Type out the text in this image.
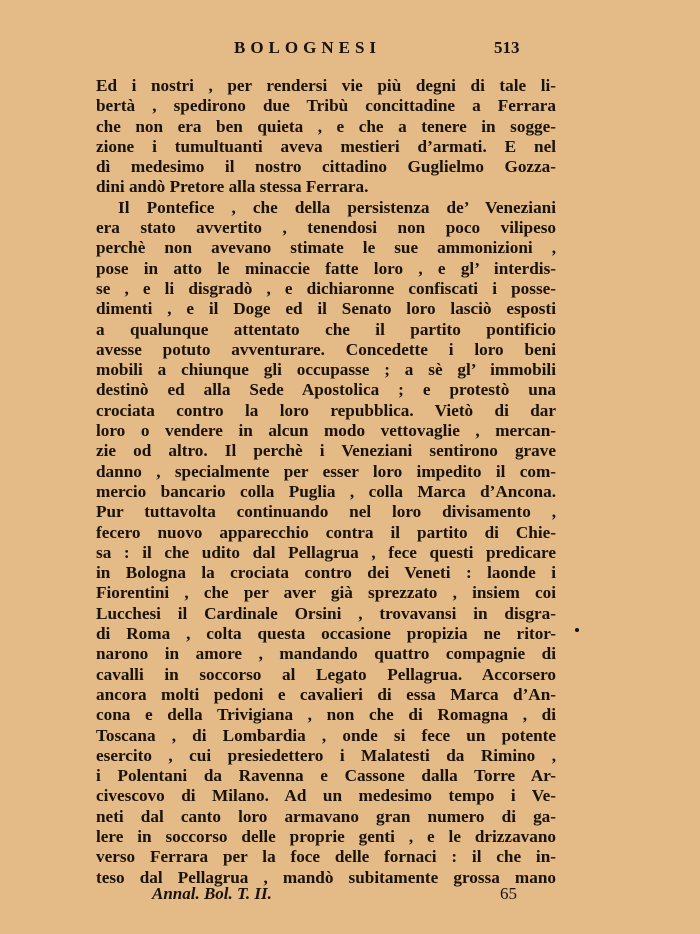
BOLOGNESI	513

Ed i nostri , per rendersi vie più degni di tale li-
bertà , spedirono due Tribù concittadine a Ferrara
che non era ben quieta , e che a tenere in sogge-
zione i tumultuanti aveva mestieri d’armati. E nel
dì medesimo il nostro cittadino Guglielmo Gozza-
dini andò Pretore alla stessa Ferrara.

Il Pontefice , che della persistenza de’ Veneziani
era stato avvertito , tenendosi non poco vilipeso
perchè non avevano stimate le sue ammonizioni ,
pose in atto le minaccie fatte loro , e gl’ interdis-
se , e li disgradò , e dichiaronne confiscati i posse-
dimenti , e il Doge ed il Senato loro lasciò esposti
a qualunque attentato che il partito pontificio
avesse potuto avventurare. Concedette i loro beni
mobili a chiunque gli occupasse ; a sè gl’ immobili
destinò ed alla Sede Apostolica ; e protestò una
crociata contro la loro repubblica. Vietò di dar
loro o vendere in alcun modo vettovaglie , mercan-
zie od altro. Il perchè i Veneziani sentirono grave
danno , specialmente per esser loro impedito il com-
mercio bancario colla Puglia , colla Marca d’Ancona.
Pur tuttavolta continuando nel loro divisamento ,
fecero nuovo apparecchio contra il partito di Chie-
sa : il che udito dal Pellagrua , fece questi predicare
in Bologna la crociata contro dei Veneti : laonde i
Fiorentini , che per aver già sprezzato , insiem coi
Lucchesi il Cardinale Orsini , trovavansi in disgra-
di Roma , colta questa occasione propizia ne ritor-
narono in amore , mandando quattro compagnie di
cavalli in soccorso al Legato Pellagrua. Accorsero
ancora molti pedoni e cavalieri di essa Marca d’An-
cona e della Trivigiana , non che di Romagna , di
Toscana , di Lombardia , onde si fece un potente
esercito , cui presiedettero i Malatesti da Rimino ,
i Polentani da Ravenna e Cassone dalla Torre Ar-
civescovo di Milano. Ad un medesimo tempo i Ve-
neti dal canto loro armavano gran numero di ga-
lere in soccorso delle proprie genti , e le drizzavano
verso Ferrara per la foce delle fornaci : il che in-
teso dal Pellagrua , mandò subitamente grossa mano

Annal. Bol. T. II.	65
